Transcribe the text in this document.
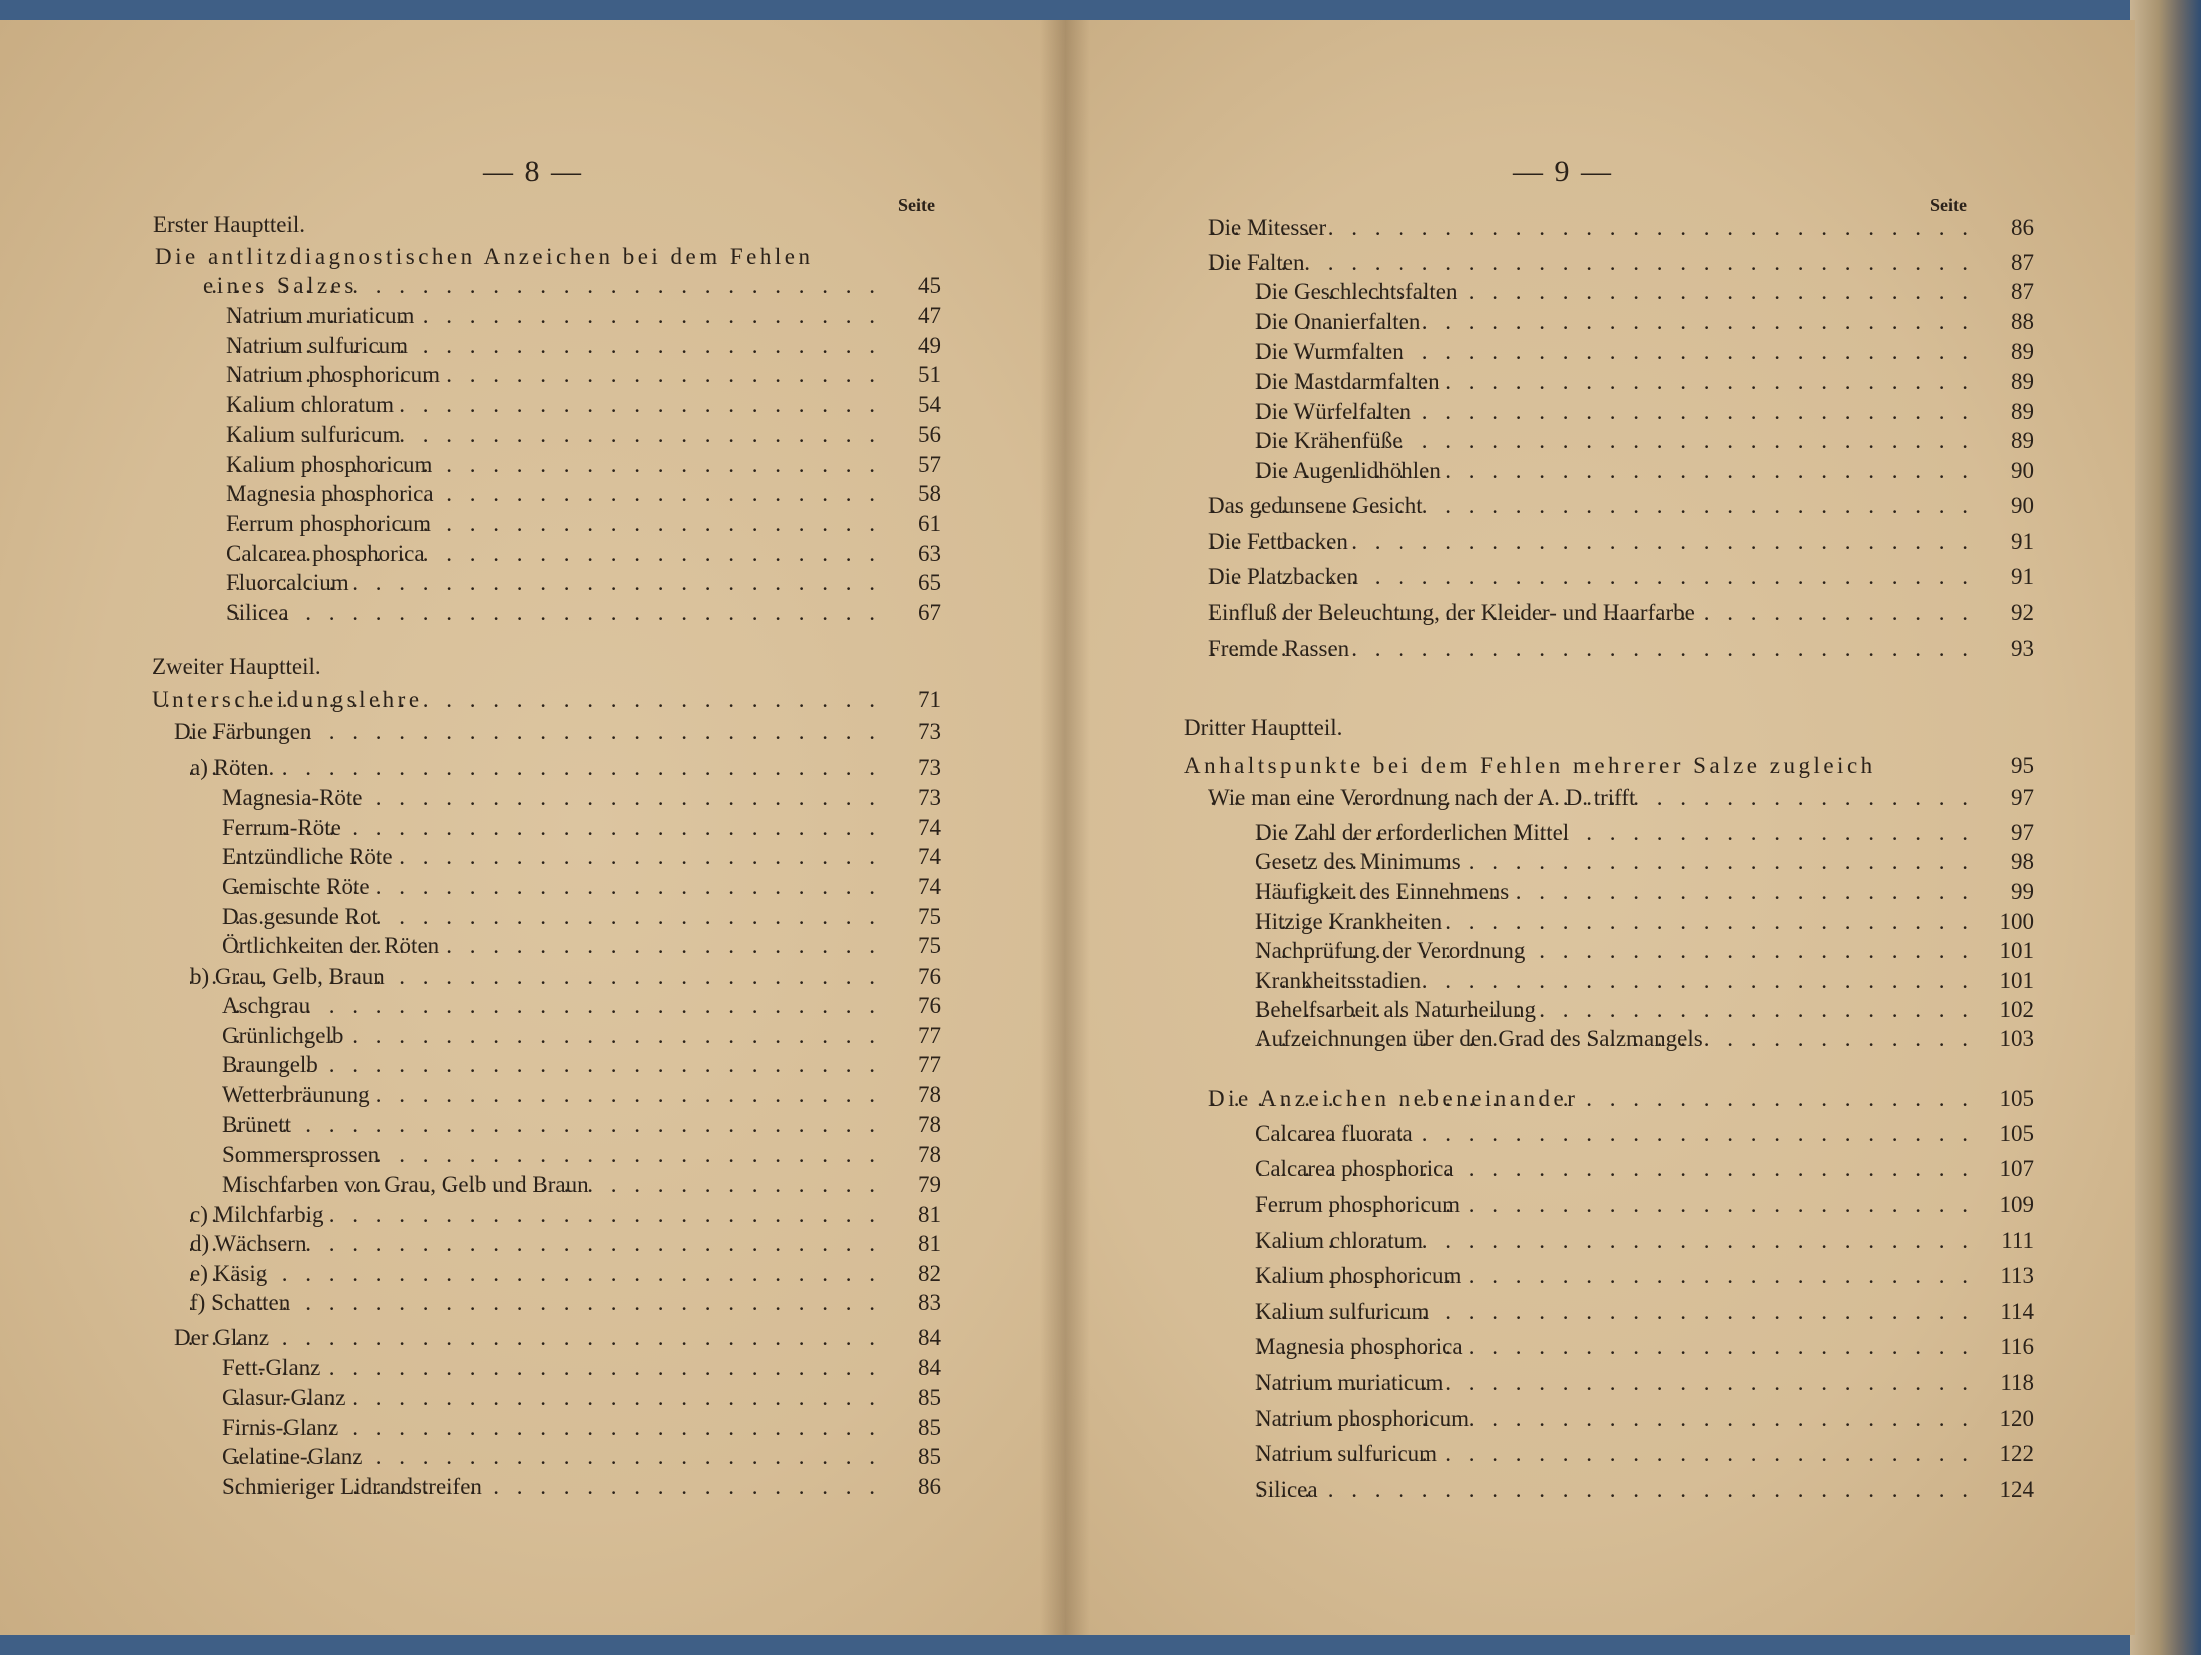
— 8 —
Seite
Erster Hauptteil.
Die antlitzdiagnostischen Anzeichen bei dem Fehlen
. . .
eines Salzes	45
. . .
Natrium muriaticum	47
. . .
Natrium sulfuricum	49
. . .
Natrium phosphoricum	51
. . .
Kalium chloratum	54
. . .
Kalium sulfuricum	56
. . .
Kalium phosphoricum	57
. . .
Magnesia phosphorica	58
. . .
Ferrum phosphoricum	61
. . .
Calcarea phosphorica	63
. . .
Fluorcalcium	65
. . .
Silicea	67
Zweiter Hauptteil.
. . .
Unterscheidungslehre	71
. . .
Die Färbungen	73
. . .
a) Röten.	73
. . .
Magnesia-Röte	73
. . .
Ferrum-Röte	74
. . .
Entzündliche Röte	74
. . .
Gemischte Röte	74
. . .
Das gesunde Rot	75
. . .
Örtlichkeiten der Röten	75
. . .
b) Grau, Gelb, Braun	76
. . .
Aschgrau	76
. . .
Grünlichgelb	77
. . .
Braungelb	77
. . .
Wetterbräunung	78
. . .
Brünett	78
. . .
Sommersprossen	78
. . .
Mischfarben von Grau, Gelb und Braun	79
. . .
c) Milchfarbig	81
. . .
d) Wächsern	81
. . .
e) Käsig	82
. . .
f) Schatten	83
. . .
Der Glanz	84
. . .
Fett-Glanz	84
. . .
Glasur-Glanz	85
. . .
Firnis-Glanz	85
. . .
Gelatine-Glanz	85
. . .
Schmieriger Lidrandstreifen	86
— 9 —
Seite
. . .
Die Mitesser	86
. . .
Die Falten	87
. . .
Die Geschlechtsfalten	87
. . .
Die Onanierfalten	88
. . .
Die Wurmfalten	89
. . .
Die Mastdarmfalten	89
. . .
Die Würfelfalten	89
. . .
Die Krähenfüße	89
. . .
Die Augenlidhöhlen	90
. . .
Das gedunsene Gesicht	90
. . .
Die Fettbacken	91
. . .
Die Platzbacken	91
. . .
Einfluß der Beleuchtung, der Kleider- und Haarfarbe	92
. . .
Fremde Rassen	93
Dritter Hauptteil.
Anhaltspunkte bei dem Fehlen mehrerer Salze zugleich	95
. . .
Wie man eine Verordnung nach der A. D. trifft	97
. . .
Die Zahl der erforderlichen Mittel	97
. . .
Gesetz des Minimums	98
. . .
Häufigkeit des Einnehmens	99
. . .
Hitzige Krankheiten	100
. . .
Nachprüfung der Verordnung	101
. . .
Krankheitsstadien	101
. . .
Behelfsarbeit als Naturheilung	102
. . .
Aufzeichnungen über den Grad des Salzmangels	103
. . .
Die Anzeichen nebeneinander	105
. . .
Calcarea fluorata	105
. . .
Calcarea phosphorica	107
. . .
Ferrum phosphoricum	109
. . .
Kalium chloratum	111
. . .
Kalium phosphoricum	113
. . .
Kalium sulfuricum	114
. . .
Magnesia phosphorica	116
. . .
Natrium muriaticum	118
. . .
Natrium phosphoricum	120
. . .
Natrium sulfuricum	122
. . .
Silicea	124
